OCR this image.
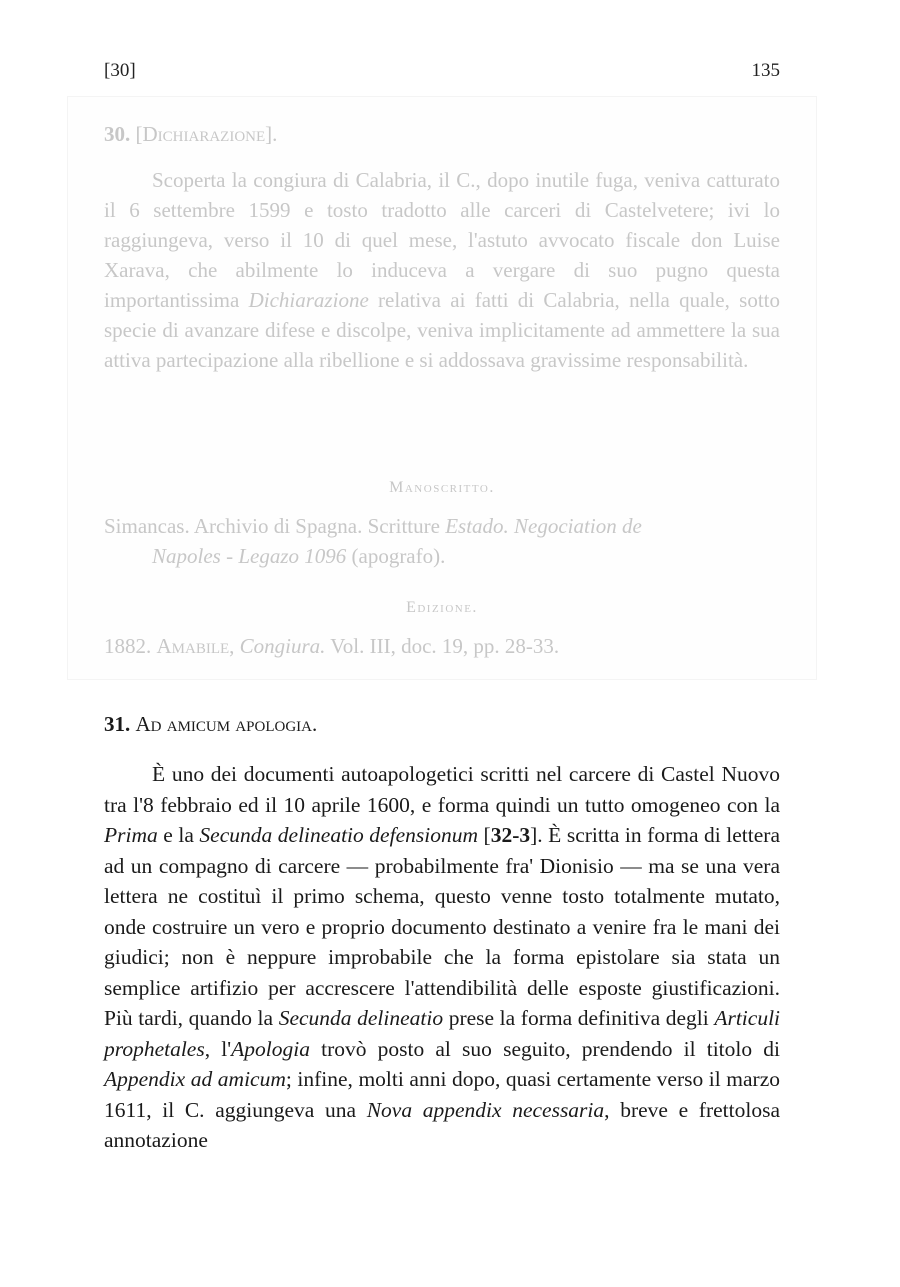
[30]	135
30. [Dichiarazione].

Scoperta la congiura di Calabria, il C., dopo inutile fuga, veniva catturato il 6 settembre 1599 e tosto tradotto alle carceri di Castelvetere; ivi lo raggiungeva, verso il 10 di quel mese, l'astuto avvocato fiscale don Luise Xarava, che abilmente lo induceva a vergare di suo pugno questa importantissima Dichiarazione relativa ai fatti di Calabria, nella quale, sotto specie di avanzare difese e discolpe, veniva implicitamente ad ammettere la sua attiva partecipazione alla ribellione e si addossava gravissime responsabilità.

Manoscritto.
Simancas. Archivio di Spagna. Scritture Estado. Negociation de
Napoles - Legazo 1096 (apografo).
Edizione.
1882. Amabile, Congiura. Vol. III, doc. 19, pp. 28-33.
31. Ad amicum apologia.

È uno dei documenti autoapologetici scritti nel carcere di Castel Nuovo tra l'8 febbraio ed il 10 aprile 1600, e forma quindi un tutto omogeneo con la Prima e la Secunda delineatio defensionum [32-3]. È scritta in forma di lettera ad un compagno di carcere — probabilmente fra' Dionisio — ma se una vera lettera ne costituì il primo schema, questo venne tosto totalmente mutato, onde costruire un vero e proprio documento destinato a venire fra le mani dei giudici; non è neppure improbabile che la forma epistolare sia stata un semplice artifizio per accrescere l'attendibilità delle esposte giustificazioni. Più tardi, quando la Secunda delineatio prese la forma definitiva degli Articuli prophetales, l'Apologia trovò posto al suo seguito, prendendo il titolo di Appendix ad amicum; infine, molti anni dopo, quasi certamente verso il marzo 1611, il C. aggiungeva una Nova appendix necessaria, breve e frettolosa annotazione
